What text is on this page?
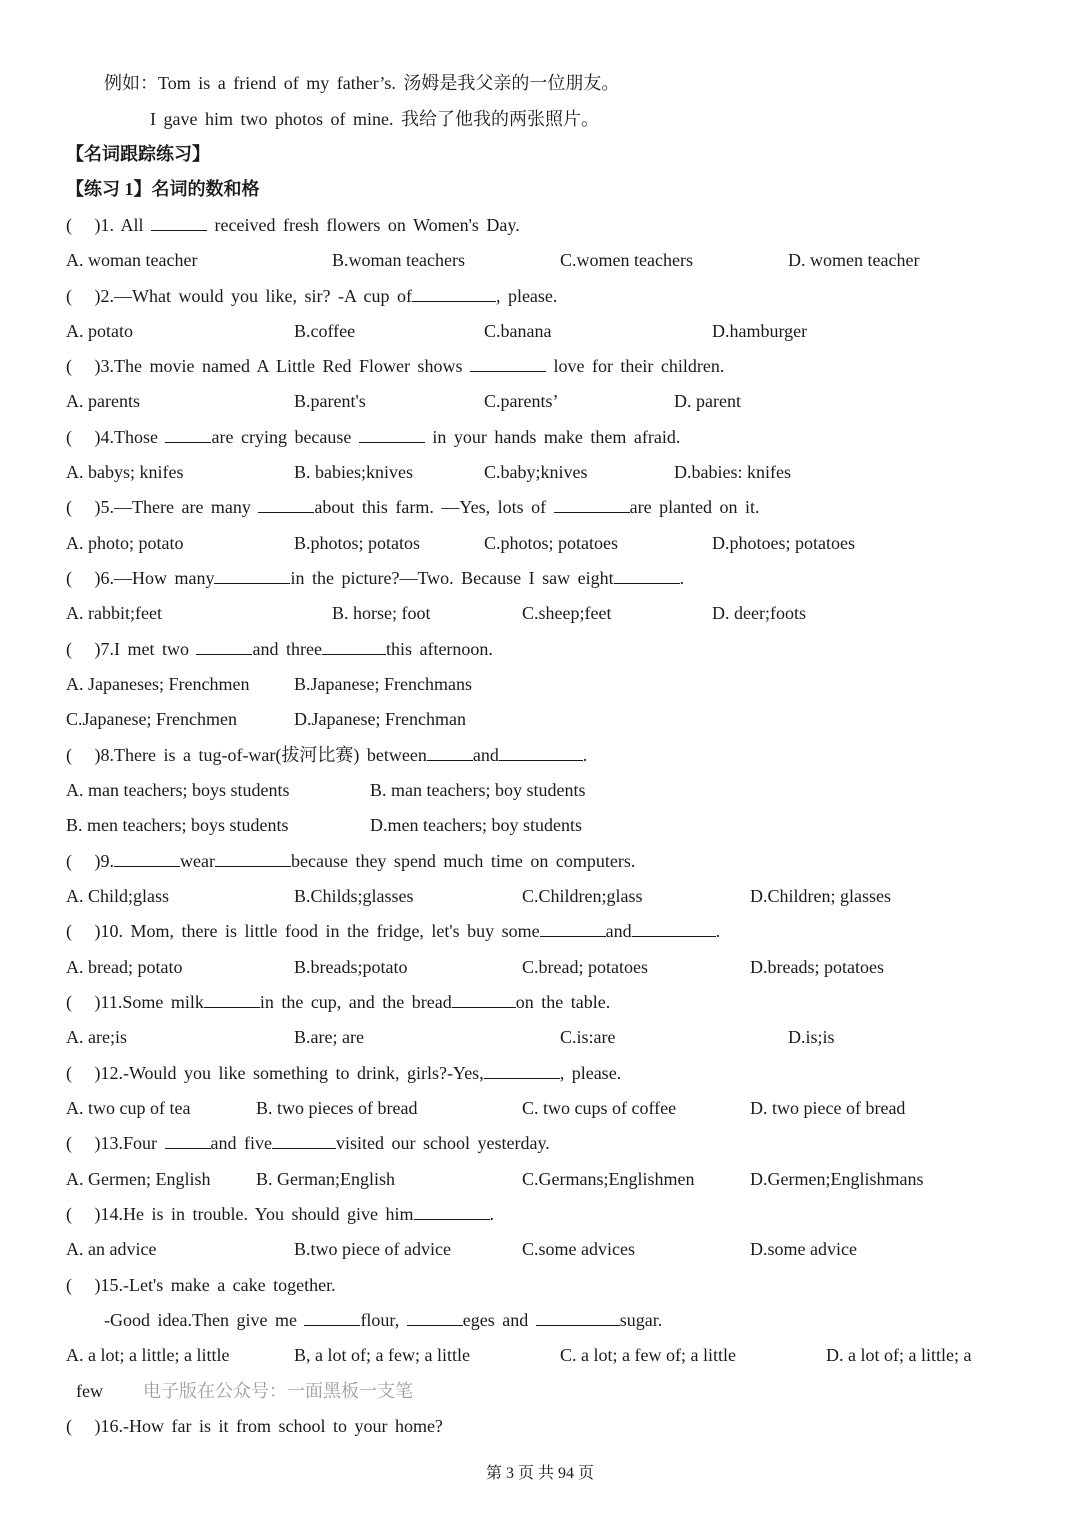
例如：Tom is a friend of my father’s. 汤姆是我父亲的一位朋友。
I gave him two photos of mine. 我给了他我的两张照片。
【名词跟踪练习】
【练习 1】名词的数和格
(   )1. All	received fresh flowers on Women's Day.
A. woman teacher	B.woman teachers	C.women teachers	D. women teacher
(   )2.—What would you like, sir? -A cup of	, please.
A. potato	B.coffee	C.banana	D.hamburger
(   )3.The movie named A Little Red Flower shows	love for their children.
A. parents	B.parent's	C.parents’	D. parent
(   )4.Those	are crying because	in your hands make them afraid.
A. babys; knifes	B. babies;knives	C.baby;knives	D.babies: knifes
(   )5.—There are many	about this farm. —Yes, lots of	are planted on it.
A. photo; potato	B.photos; potatos	C.photos; potatoes	D.photoes; potatoes
(   )6.—How many	in the picture?—Two. Because I saw eight	.
A. rabbit;feet	B. horse; foot	C.sheep;feet	D. deer;foots
(   )7.I met two	and three	this afternoon.
A. Japaneses; Frenchmen B.Japanese; Frenchmans
C.Japanese; Frenchmen	D.Japanese; Frenchman
(   )8.There is a tug-of-war(拔河比赛) between	and	.
A. man teachers; boys students	B. man teachers; boy students
B. men teachers; boys students	D.men teachers; boy students
(   )9.	wear	because they spend much time on computers.
A. Child;glass	B.Childs;glasses	C.Children;glass	D.Children; glasses
(   )10. Mom, there is little food in the fridge, let's buy some	and	.
A. bread; potato	B.breads;potato	C.bread; potatoes	D.breads; potatoes
(   )11.Some milk	in the cup, and the bread	on the table.
A. are;is	B.are; are	C.is:are	D.is;is
(   )12.-Would you like something to drink, girls?-Yes,	, please.
A. two cup of tea	B. two pieces of bread	C. two cups of coffee	D. two piece of bread
(   )13.Four	and five	visited our school yesterday.
A. Germen; English	B. German;English	C.Germans;Englishmen	D.Germen;Englishmans
(   )14.He is in trouble. You should give him	.
A. an advice	B.two piece of advice	C.some advices	D.some advice
(   )15.-Let's make a cake together.
-Good idea.Then give me	flour,	eges and	sugar.
A. a lot; a little; a little	B, a lot of; a few; a little	C. a lot; a few of; a little	D. a lot of; a little; a
few 电子版在公众号：一面黑板一支笔
(   )16.-How far is it from school to your home?
第 3 页 共 94 页
